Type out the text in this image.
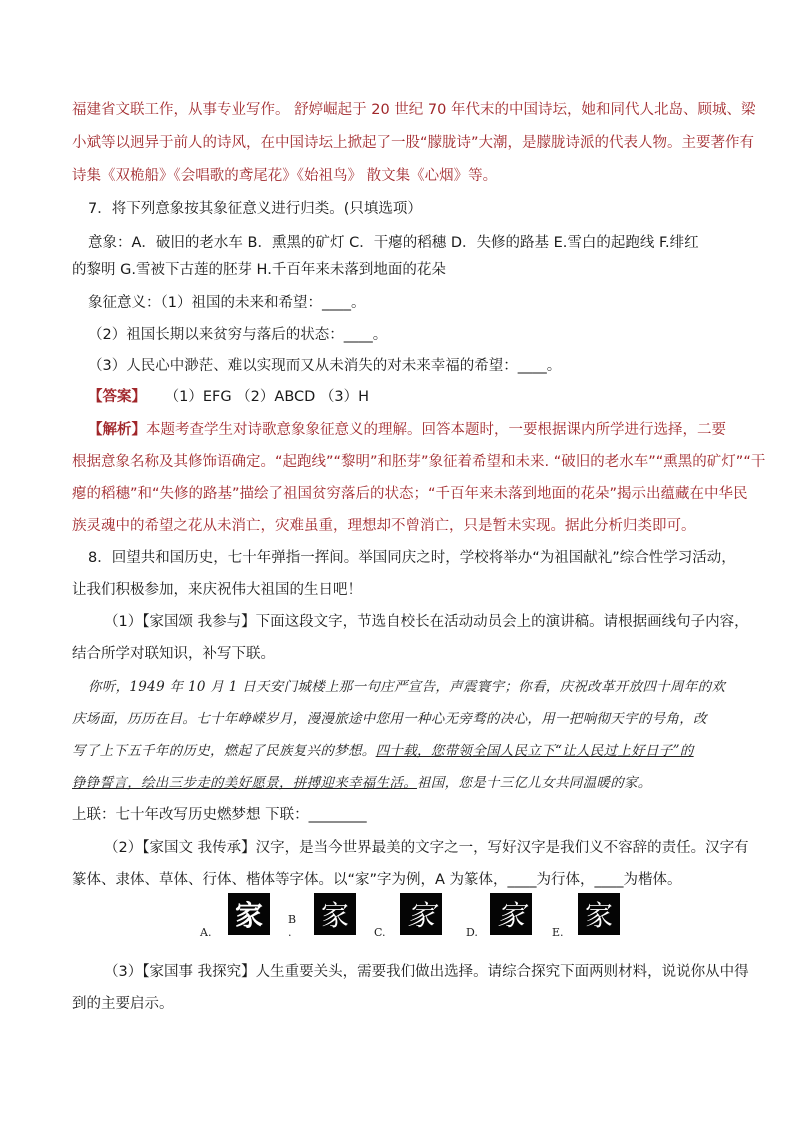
福建省文联工作，从事专业写作。 舒婷崛起于 20 世纪 70 年代末的中国诗坛，她和同代人北岛、顾城、梁
小斌等以迥异于前人的诗风，在中国诗坛上掀起了一股“朦胧诗”大潮，是朦胧诗派的代表人物。主要著作有
诗集《双桅船》《会唱歌的鸢尾花》《始祖鸟》 散文集《心烟》等。
7．将下列意象按其象征意义进行归类。(只填选项）
意象：A．破旧的老水车 B．熏黑的矿灯 C．干瘪的稻穗 D．失修的路基 E.雪白的起跑线 F.绯红
的黎明 G.雪被下古莲的胚芽 H.千百年来未落到地面的花朵
象征意义：（1）祖国的未来和希望：____。
（2）祖国长期以来贫穷与落后的状态：____。
（3）人民心中渺茫、难以实现而又从未消失的对未来幸福的希望：____。
【答案】 （1）EFG （2）ABCD （3）H
【解析】本题考查学生对诗歌意象象征意义的理解。回答本题时，一要根据课内所学进行选择，二要
根据意象名称及其修饰语确定。“起跑线”“黎明”和胚芽”象征着希望和未来. “破旧的老水车”“熏黑的矿灯”“干
瘪的稻穗”和“失修的路基”描绘了祖国贫穷落后的状态；“千百年来未落到地面的花朵”揭示出蕴藏在中华民
族灵魂中的希望之花从未消亡，灾难虽重，理想却不曾消亡，只是暂未实现。据此分析归类即可。
8．回望共和国历史，七十年弹指一挥间。举国同庆之时，学校将举办“为祖国献礼”综合性学习活动，
让我们积极参加，来庆祝伟大祖国的生日吧！
（1）【家国颂 我参与】下面这段文字，节选自校长在活动动员会上的演讲稿。请根据画线句子内容，
结合所学对联知识，补写下联。
你听，1949 年 10 月 1 日天安门城楼上那一句庄严宣告，声震寰宇；你看，庆祝改革开放四十周年的欢
庆场面，历历在目。七十年峥嵘岁月，漫漫旅途中您用一种心无旁骛的决心，用一把响彻天宇的号角，改
写了上下五千年的历史，燃起了民族复兴的梦想。四十载，您带领全国人民立下“让人民过上好日子”的
铮铮誓言，绘出三步走的美好愿景，拼搏迎来幸福生活。祖国，您是十三亿儿女共同温暖的家。
上联：七十年改写历史燃梦想 下联：________
（2）【家国文 我传承】汉字，是当今世界最美的文字之一，写好汉字是我们义不容辞的责任。汉字有
篆体、隶体、草体、行体、楷体等字体。以“家”字为例，A 为篆体，____为行体，____为楷体。
A.
家	B .
家
C.
家
D.
家
E.
家
（3）【家国事 我探究】人生重要关头，需要我们做出选择。请综合探究下面两则材料，说说你从中得
到的主要启示。
